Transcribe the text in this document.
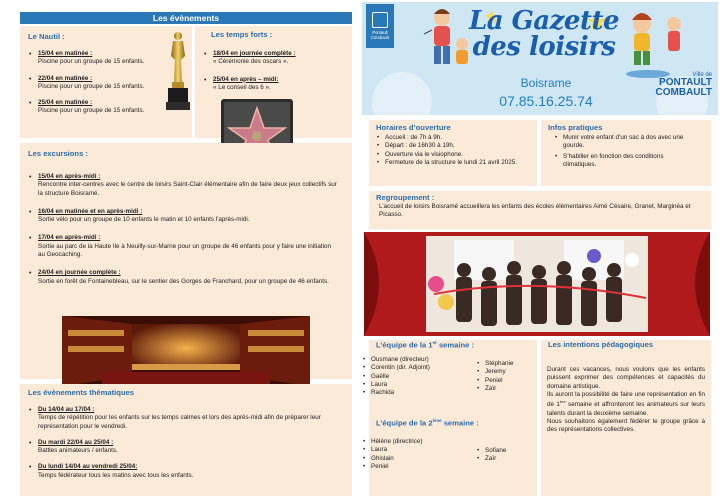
Les évènements
Le Nautil :
• 15/04 en matinée :
Piscine pour un groupe de 15 enfants.
• 22/04 en matinée :
Piscine pour un groupe de 15 enfants.
• 25/04 en matinée :
Piscine pour un groupe de 15 enfants.
Les temps forts :
• 18/04 en journée complète :
« Cérémonie des oscars ».
• 25/04 en après – midi:
« Le conseil des 6 ».
Les excursions :
• 15/04 en après-midi :
Rencontre inter-centres avec le centre de loisirs Saint-Clair élémentaire afin de faire deux jeux collectifs sur la structure Boisramé.
• 16/04 en matinée et en après-midi :
Sortie vélo pour un groupe de 10 enfants le matin et 10 enfants l'après-midi.
• 17/04 en après-midi :
Sortie au parc de la Haute Ile à Neuilly-sur-Marne pour un groupe de 46 enfants pour y faire une initiation au Geocaching.
• 24/04 en journée complète :
Sortie en forêt de Fontainebleau, sur le sentier des Gorges de Franchard, pour un groupe de 46 enfants.
Les évènements thématiques
• Du 14/04 au 17/04 :
Temps de répétition pour les enfants sur les temps calmes et lors des après-midi afin de préparer leur représentation pour le vendredi.
• Du mardi 22/04 au 25/04 :
Battles animateurs / enfants.
• Du lundi 14/04 au vendredi 25/04:
Temps fédérateur tous les matins avec tous les enfants.
Pontault Combault
La Gazette
des loisirs
Boisrame
07.85.16.25.74
Ville de
PONTAULT
COMBAULT
Horaires d’ouverture
• Accueil : de 7h à 9h.
• Départ : de 16h30 à 19h.
• Ouverture via le visiophone.
• Fermeture de la structure le lundi 21 avril 2025.
Infos pratiques
• Munir votre enfant d’un sac à dos avec une gourde.
• S’habiller en fonction des conditions climatiques.
Regroupement :
L’accueil de loisirs Boisramé accueillera les enfants des écoles élémentaires Aimé Césaire, Granet, Marginéa et Picasso.
L’équipe de la 1er semaine :
• Ousmane (directeur)
• Corentin (dir. Adjoint)
• Gaëlle
• Laura
• Rachida
• Stéphanie
• Jeremy
• Peniel
• Zaïr
L’équipe de la 2ème semaine :
• Hélène (directrice)
• Laura
• Ghislain
• Peniel
• Sofiane
• Zaïr
Les intentions pédagogiques
Durant ces vacances, nous voulons que les enfants puissent exprimer des compétences et capacités du domaine artistique.
Ils auront la possibilité de faire une représentation en fin de 1ère semaine et affronteront les animateurs sur leurs talents durant la deuxième semaine.
Nous souhaitons également fédérer le groupe grâce à des représentations collectives.
